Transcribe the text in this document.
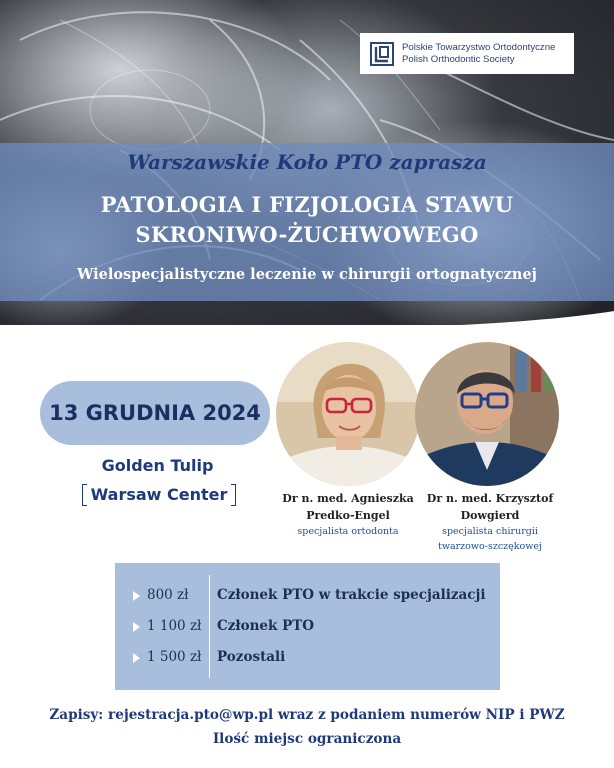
Polskie Towarzystwo Ortodontyczne
Polish Orthodontic Society
Warszawskie Koło PTO zaprasza
PATOLOGIA I FIZJOLOGIA STAWU
SKRONIWO-ŻUCHWOWEGO
Wielospecjalistyczne leczenie w chirurgii ortognatycznej
13 GRUDNIA 2024
Golden Tulip
Warsaw Center	Dr n. med. Agnieszka
Predko-Engel
specjalista ortodonta
Dr n. med. Krzysztof
Dowgierd
specjalista chirurgii
twarzowo-szczękowej
800 zł Członek PTO w trakcie specjalizacji
1 100 zł Członek PTO
1 500 zł Pozostali
Zapisy: rejestracja.pto@wp.pl wraz z podaniem numerów NIP i PWZ
Ilość miejsc ograniczona
